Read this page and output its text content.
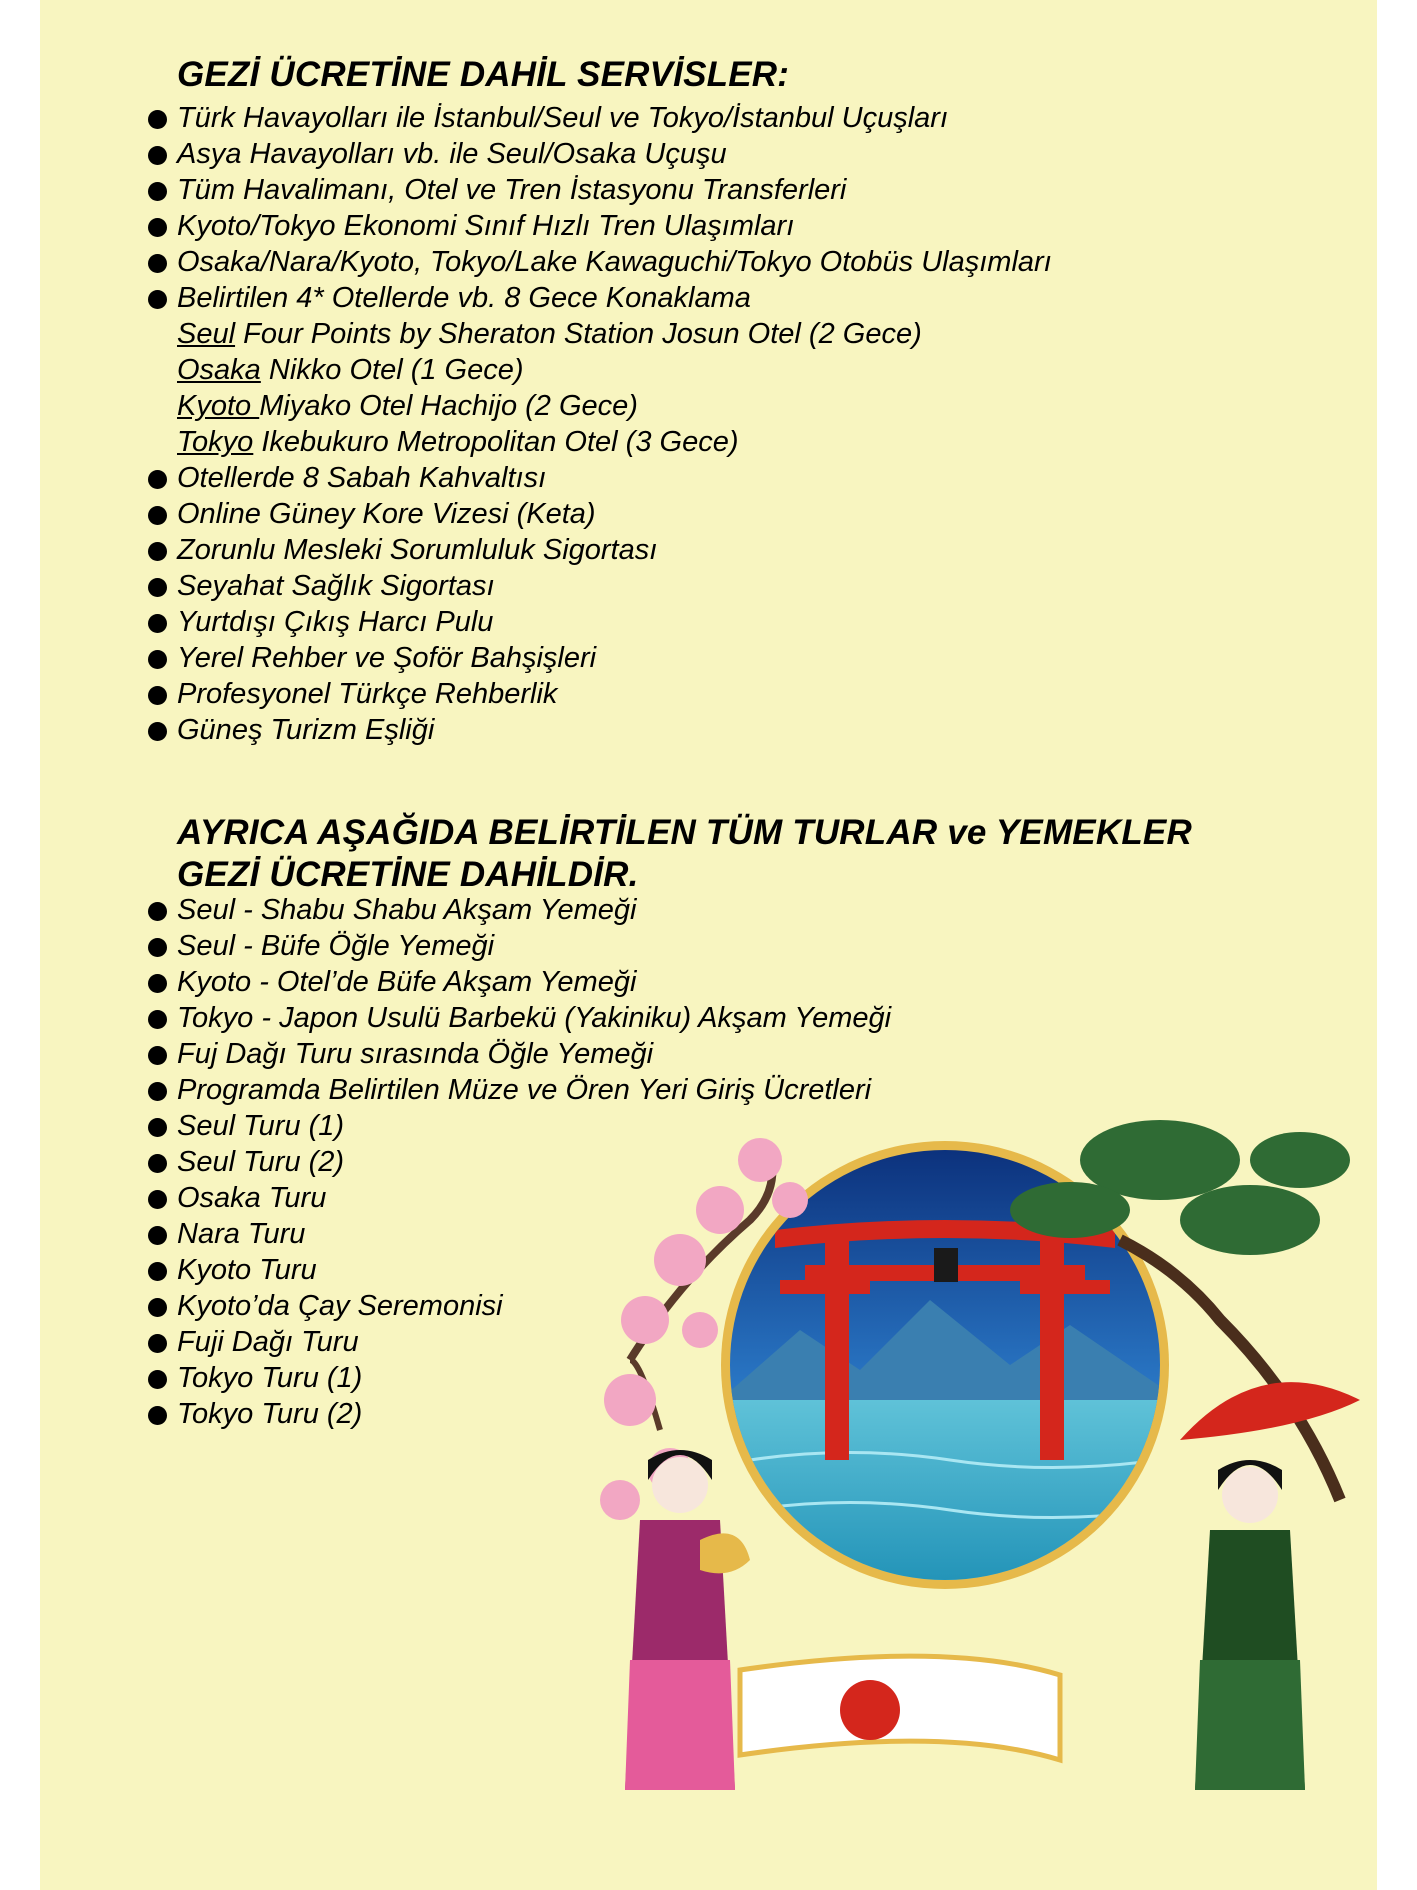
GEZİ ÜCRETİNE DAHİL SERVİSLER:
Türk Havayolları ile İstanbul/Seul ve Tokyo/İstanbul Uçuşları
Asya Havayolları vb. ile Seul/Osaka Uçuşu
Tüm Havalimanı, Otel ve Tren İstasyonu Transferleri
Kyoto/Tokyo Ekonomi Sınıf Hızlı Tren Ulaşımları
Osaka/Nara/Kyoto, Tokyo/Lake Kawaguchi/Tokyo Otobüs Ulaşımları
Belirtilen 4* Otellerde vb. 8 Gece Konaklama
Seul Four Points by Sheraton Station Josun Otel (2 Gece)
Osaka Nikko Otel (1 Gece)
Kyoto Miyako Otel Hachijo (2 Gece)
Tokyo Ikebukuro Metropolitan Otel (3 Gece)
Otellerde 8 Sabah Kahvaltısı
Online Güney Kore Vizesi (Keta)
Zorunlu Mesleki Sorumluluk Sigortası
Seyahat Sağlık Sigortası
Yurtdışı Çıkış Harcı Pulu
Yerel Rehber ve Şoför Bahşişleri
Profesyonel Türkçe Rehberlik
Güneş Turizm Eşliği
AYRICA AŞAĞIDA BELİRTİLEN TÜM TURLAR ve YEMEKLER
GEZİ ÜCRETİNE DAHİLDİR.
Seul - Shabu Shabu Akşam Yemeği
Seul - Büfe Öğle Yemeği
Kyoto - Otel’de Büfe Akşam Yemeği
Tokyo - Japon Usulü Barbekü (Yakiniku) Akşam Yemeği
Fuj Dağı Turu sırasında Öğle Yemeği
Programda Belirtilen Müze ve Ören Yeri Giriş Ücretleri
Seul Turu (1)
Seul Turu (2)
Osaka Turu
Nara Turu
Kyoto Turu
Kyoto’da Çay Seremonisi
Fuji Dağı Turu
Tokyo Turu (1)
Tokyo Turu (2)
